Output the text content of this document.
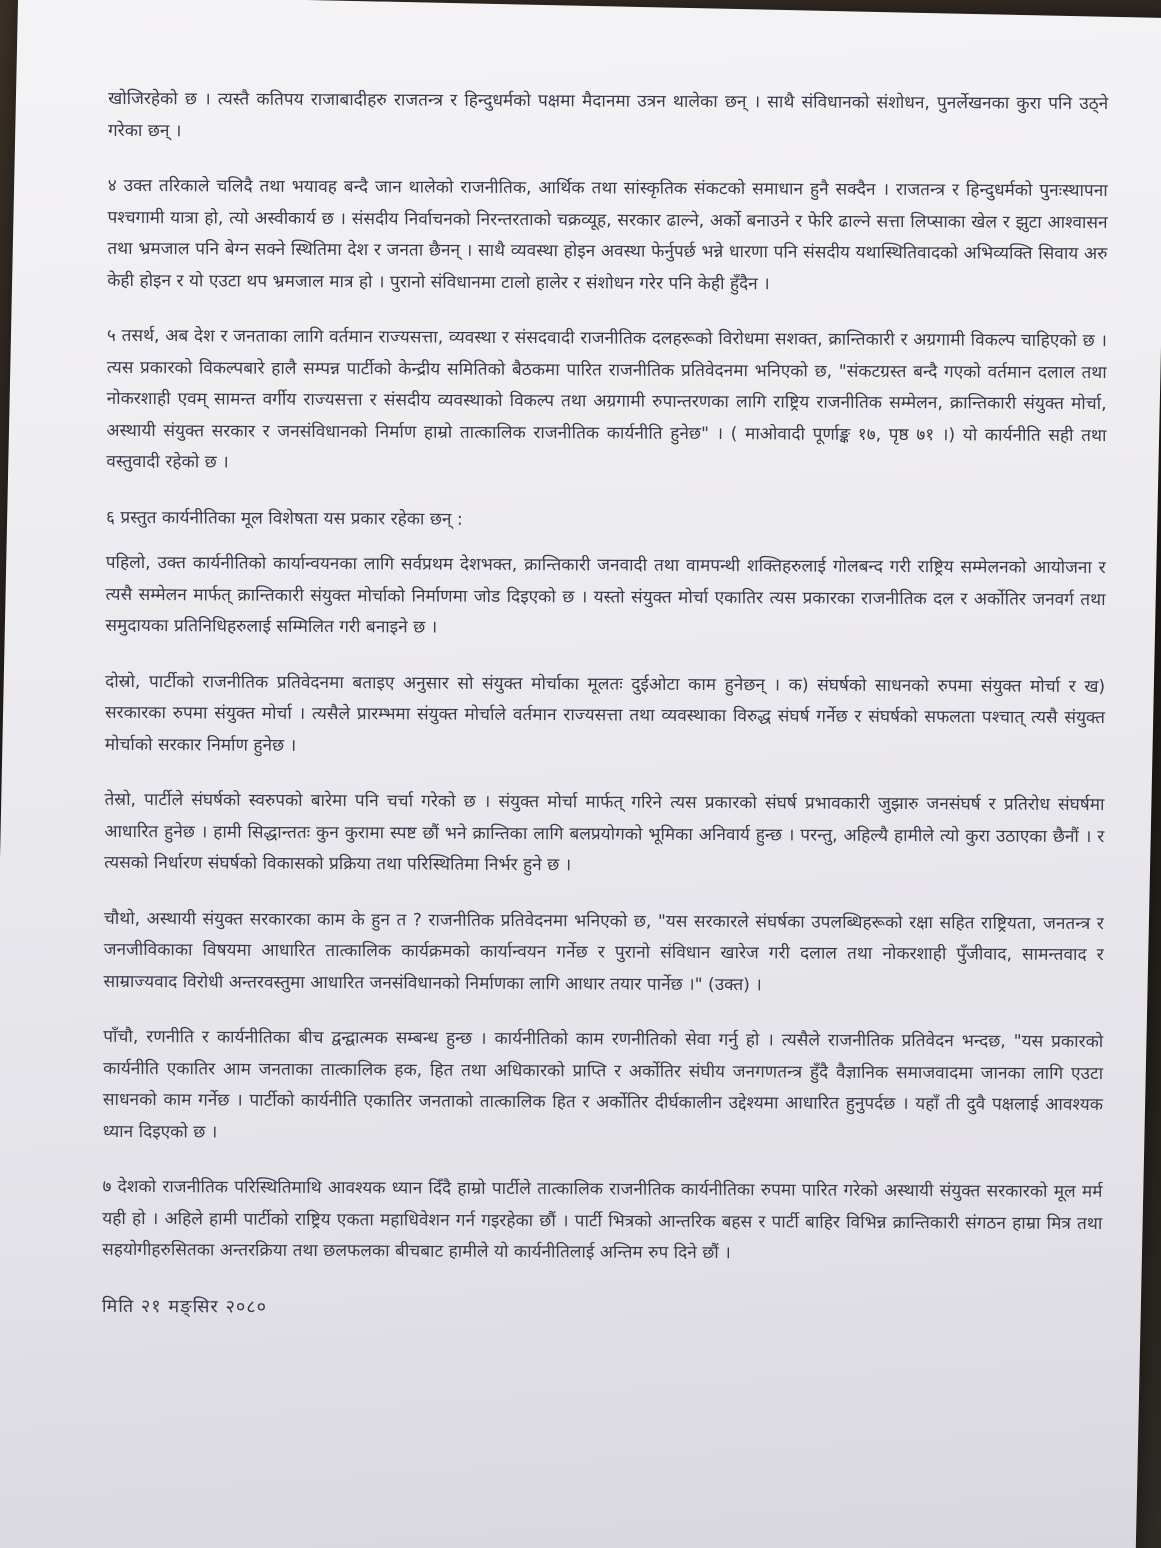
खोजिरहेको छ । त्यस्तै कतिपय राजाबादीहरु राजतन्त्र र हिन्दुधर्मको पक्षमा मैदानमा उत्रन थालेका छन् । साथै संविधानको संशोधन, पुनर्लेखनका कुरा पनि उठ्ने गरेका छन् ।

४ उक्त तरिकाले चलिदै तथा भयावह बन्दै जान थालेको राजनीतिक, आर्थिक तथा सांस्कृतिक संकटको समाधान हुनै सक्दैन । राजतन्त्र र हिन्दुधर्मको पुनःस्थापना पश्चगामी यात्रा हो, त्यो अस्वीकार्य छ । संसदीय निर्वाचनको निरन्तरताको चक्रव्यूह, सरकार ढाल्ने, अर्को बनाउने र फेरि ढाल्ने सत्ता लिप्साका खेल र झुटा आश्वासन तथा भ्रमजाल पनि बेग्न सक्ने स्थितिमा देश र जनता छैनन् । साथै व्यवस्था होइन अवस्था फेर्नुपर्छ भन्ने धारणा पनि संसदीय यथास्थितिवादको अभिव्यक्ति सिवाय अरु केही होइन र यो एउटा थप भ्रमजाल मात्र हो । पुरानो संविधानमा टालो हालेर र संशोधन गरेर पनि केही हुँदैन ।

५ तसर्थ, अब देश र जनताका लागि वर्तमान राज्यसत्ता, व्यवस्था र संसदवादी राजनीतिक दलहरूको विरोधमा सशक्त, क्रान्तिकारी र अग्रगामी विकल्प चाहिएको छ । त्यस प्रकारको विकल्पबारे हालै सम्पन्न पार्टीको केन्द्रीय समितिको बैठकमा पारित राजनीतिक प्रतिवेदनमा भनिएको छ, "संकटग्रस्त बन्दै गएको वर्तमान दलाल तथा नोकरशाही एवम् सामन्त वर्गीय राज्यसत्ता र संसदीय व्यवस्थाको विकल्प तथा अग्रगामी रुपान्तरणका लागि राष्ट्रिय राजनीतिक सम्मेलन, क्रान्तिकारी संयुक्त मोर्चा, अस्थायी संयुक्त सरकार र जनसंविधानको निर्माण हाम्रो तात्कालिक राजनीतिक कार्यनीति हुनेछ" । ( माओवादी पूर्णाङ्क १७, पृष्ठ ७१ ।) यो कार्यनीति सही तथा वस्तुवादी रहेको छ ।

६ प्रस्तुत कार्यनीतिका मूल विशेषता यस प्रकार रहेका छन् :

पहिलो, उक्त कार्यनीतिको कार्यान्वयनका लागि सर्वप्रथम देशभक्त, क्रान्तिकारी जनवादी तथा वामपन्थी शक्तिहरुलाई गोलबन्द गरी राष्ट्रिय सम्मेलनको आयोजना र त्यसै सम्मेलन मार्फत् क्रान्तिकारी संयुक्त मोर्चाको निर्माणमा जोड दिइएको छ । यस्तो संयुक्त मोर्चा एकातिर त्यस प्रकारका राजनीतिक दल र अर्कोतिर जनवर्ग तथा समुदायका प्रतिनिधिहरुलाई सम्मिलित गरी बनाइने छ ।

दोस्रो, पार्टीको राजनीतिक प्रतिवेदनमा बताइए अनुसार सो संयुक्त मोर्चाका मूलतः दुईओटा काम हुनेछन् । क) संघर्षको साधनको रुपमा संयुक्त मोर्चा र ख) सरकारका रुपमा संयुक्त मोर्चा । त्यसैले प्रारम्भमा संयुक्त मोर्चाले वर्तमान राज्यसत्ता तथा व्यवस्थाका विरुद्ध संघर्ष गर्नेछ र संघर्षको सफलता पश्चात् त्यसै संयुक्त मोर्चाको सरकार निर्माण हुनेछ ।

तेस्रो, पार्टीले संघर्षको स्वरुपको बारेमा पनि चर्चा गरेको छ । संयुक्त मोर्चा मार्फत् गरिने त्यस प्रकारको संघर्ष प्रभावकारी जुझारु जनसंघर्ष र प्रतिरोध संघर्षमा आधारित हुनेछ । हामी सिद्धान्ततः कुन कुरामा स्पष्ट छौं भने क्रान्तिका लागि बलप्रयोगको भूमिका अनिवार्य हुन्छ । परन्तु, अहिल्यै हामीले त्यो कुरा उठाएका छैनौं । र त्यसको निर्धारण संघर्षको विकासको प्रक्रिया तथा परिस्थितिमा निर्भर हुने छ ।

चौथो, अस्थायी संयुक्त सरकारका काम के हुन त ? राजनीतिक प्रतिवेदनमा भनिएको छ, "यस सरकारले संघर्षका उपलब्धिहरूको रक्षा सहित राष्ट्रियता, जनतन्त्र र जनजीविकाका विषयमा आधारित तात्कालिक कार्यक्रमको कार्यान्वयन गर्नेछ र पुरानो संविधान खारेज गरी दलाल तथा नोकरशाही पुँजीवाद, सामन्तवाद र साम्राज्यवाद विरोधी अन्तरवस्तुमा आधारित जनसंविधानको निर्माणका लागि आधार तयार पार्नेछ ।" (उक्त) ।

पाँचौ, रणनीति र कार्यनीतिका बीच द्वन्द्वात्मक सम्बन्ध हुन्छ । कार्यनीतिको काम रणनीतिको सेवा गर्नु हो । त्यसैले राजनीतिक प्रतिवेदन भन्दछ, "यस प्रकारको कार्यनीति एकातिर आम जनताका तात्कालिक हक, हित तथा अधिकारको प्राप्ति र अर्कोतिर संघीय जनगणतन्त्र हुँदै वैज्ञानिक समाजवादमा जानका लागि एउटा साधनको काम गर्नेछ । पार्टीको कार्यनीति एकातिर जनताको तात्कालिक हित र अर्कोतिर दीर्घकालीन उद्देश्यमा आधारित हुनुपर्दछ । यहाँ ती दुवै पक्षलाई आवश्यक ध्यान दिइएको छ ।

७ देशको राजनीतिक परिस्थितिमाथि आवश्यक ध्यान दिँदै हाम्रो पार्टीले तात्कालिक राजनीतिक कार्यनीतिका रुपमा पारित गरेको अस्थायी संयुक्त सरकारको मूल मर्म यही हो । अहिले हामी पार्टीको राष्ट्रिय एकता महाधिवेशन गर्न गइरहेका छौं । पार्टी भित्रको आन्तरिक बहस र पार्टी बाहिर विभिन्न क्रान्तिकारी संगठन हाम्रा मित्र तथा सहयोगीहरुसितका अन्तरक्रिया तथा छलफलका बीचबाट हामीले यो कार्यनीतिलाई अन्तिम रुप दिने छौं ।

मिति २१ मङ्सिर २०८०
